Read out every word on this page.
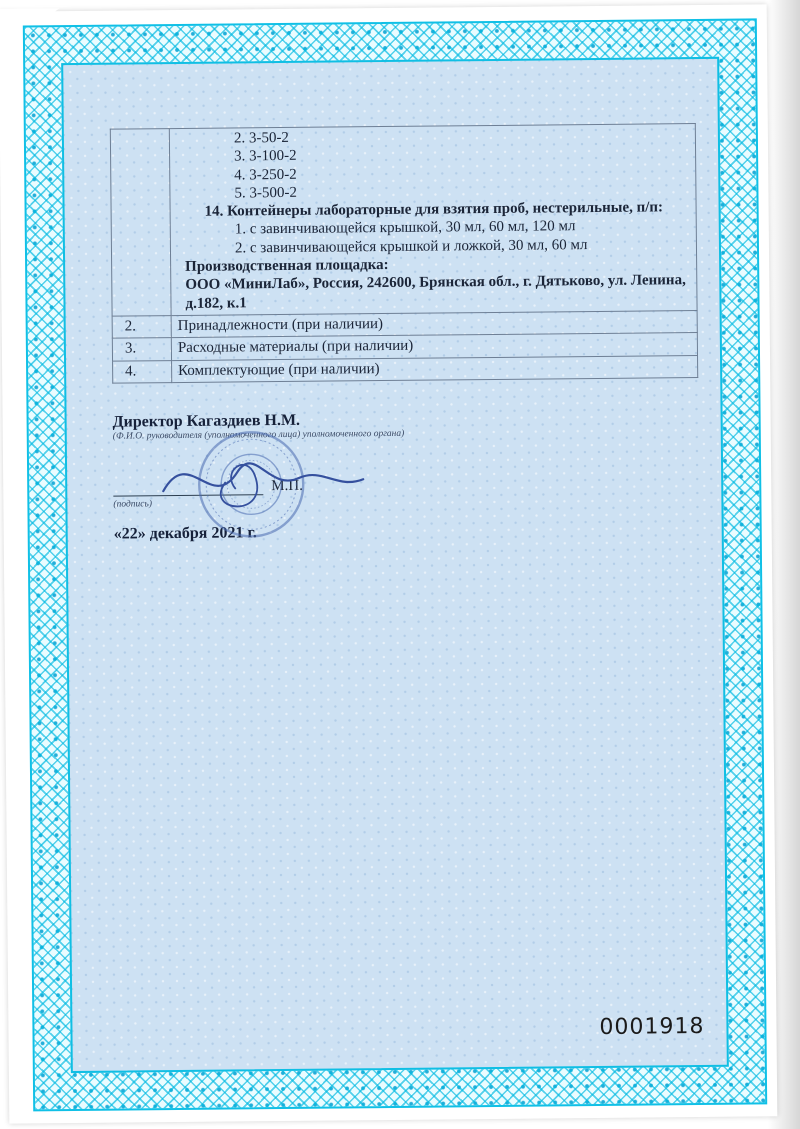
2. 3-50-2
3. 3-100-2
4. 3-250-2
5. 3-500-2
14. Контейнеры лабораторные для взятия проб, нестерильные, п/п:
1. с завинчивающейся крышкой, 30 мл, 60 мл, 120 мл
2. с завинчивающейся крышкой и ложкой, 30 мл, 60 мл
Производственная площадка:
ООО «МиниЛаб», Россия, 242600, Брянская обл., г. Дятьково, ул. Ленина, д.182, к.1

2.	Принадлежности (при наличии)
3.	Расходные материалы (при наличии)
4.	Комплектующие (при наличии)
Директор Кагаздиев Н.М.
(Ф.И.О. руководителя (уполномоченного лица) уполномоченного органа)
М.П.
(подпись)
«22» декабря 2021 г.
0001918
